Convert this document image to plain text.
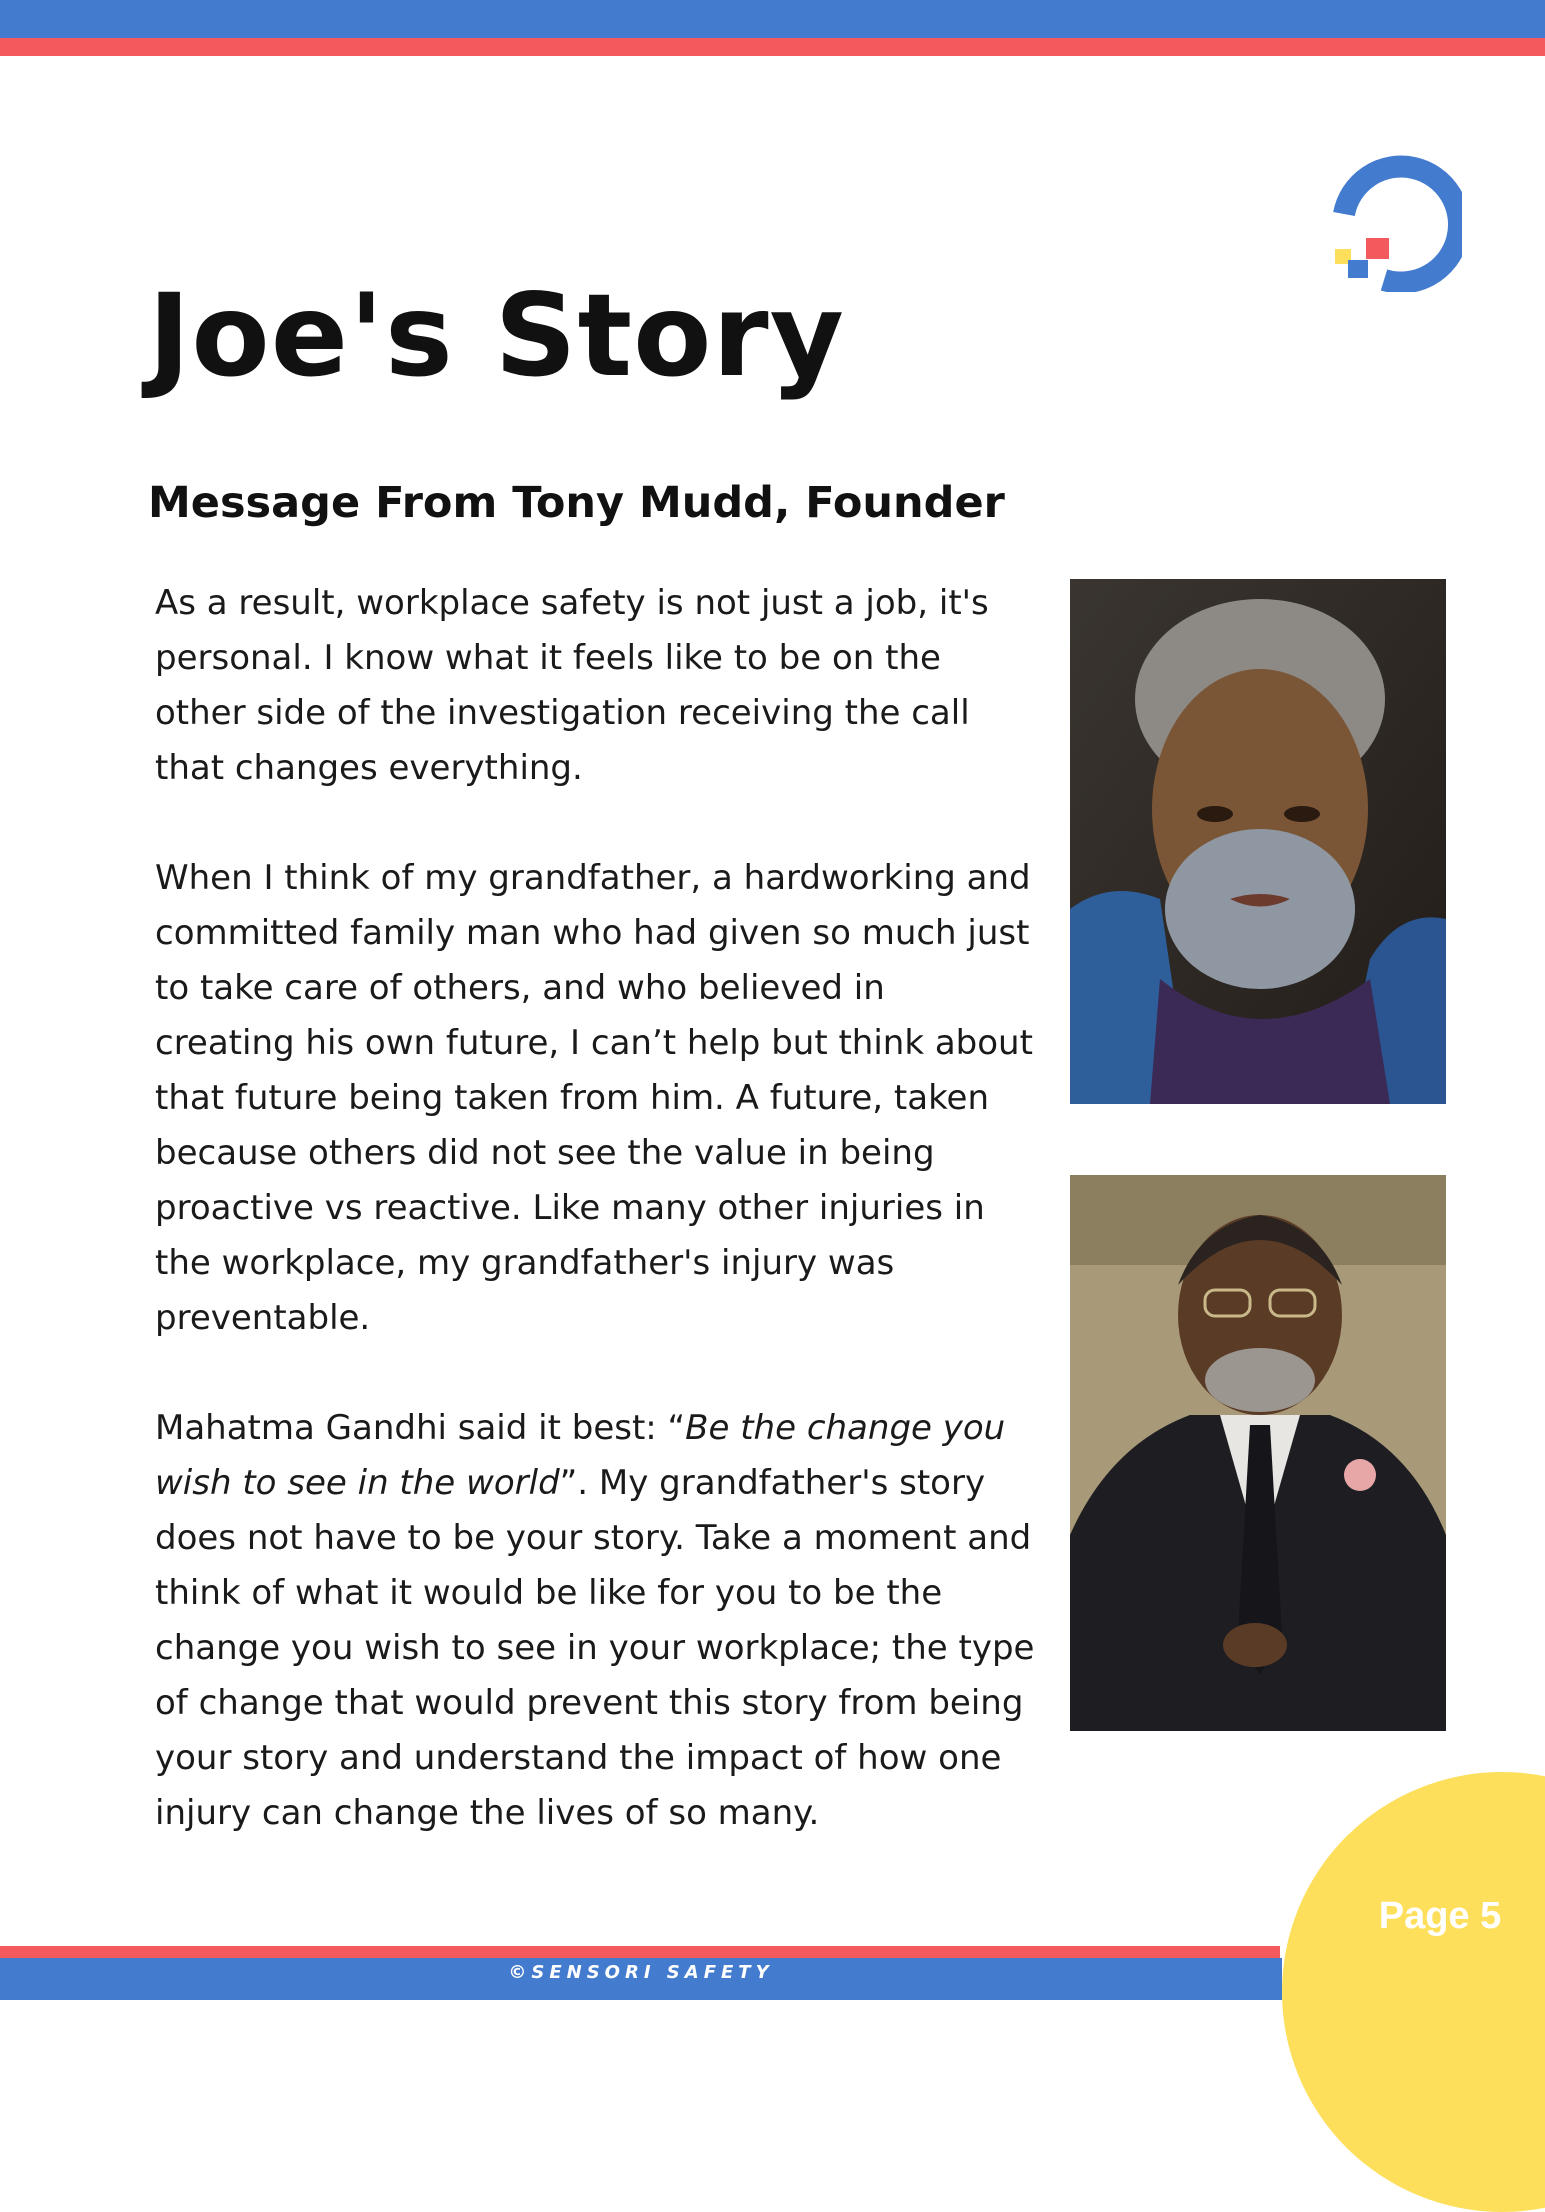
Joe's Story
Message From Tony Mudd, Founder

As a result, workplace safety is not just a job, it's personal. I know what it feels like to be on the other side of the investigation receiving the call that changes everything.

When I think of my grandfather, a hardworking and committed family man who had given so much just to take care of others, and who believed in creating his own future, I can’t help but think about that future being taken from him. A future, taken because others did not see the value in being proactive vs reactive. Like many other injuries in the workplace, my grandfather's injury was preventable.

Mahatma Gandhi said it best: “Be the change you wish to see in the world”. My grandfather's story does not have to be your story. Take a moment and think of what it would be like for you to be the change you wish to see in your workplace; the type of change that would prevent this story from being your story and understand the impact of how one injury can change the lives of so many.

Page 5
©SENSORI SAFETY
